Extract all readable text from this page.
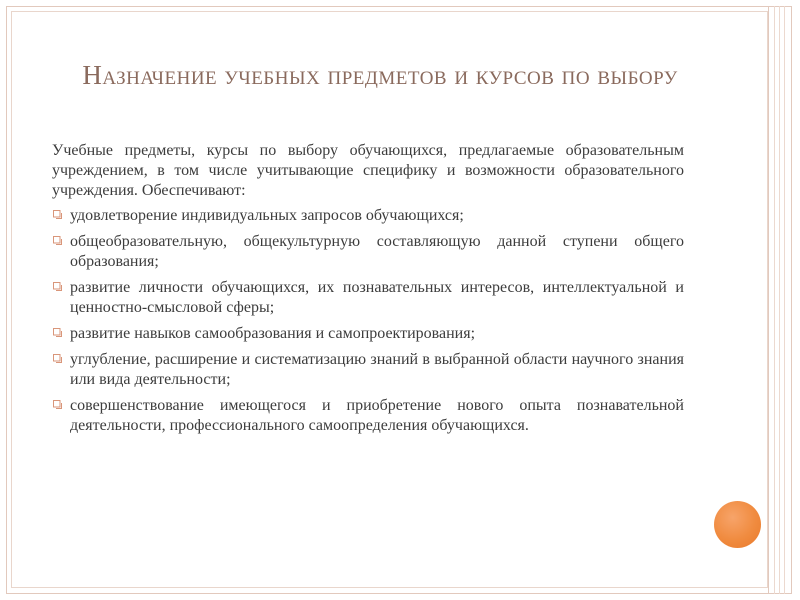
Назначение учебных предметов и курсов по выбору

Учебные предметы, курсы по выбору обучающихся, предлагаемые образовательным учреждением, в том числе учитывающие специфику и возможности образовательного учреждения. Обеспечивают:

удовлетворение индивидуальных запросов обучающихся;
общеобразовательную, общекультурную составляющую данной ступени общего образования;
развитие личности обучающихся, их познавательных интересов, интеллектуальной и ценностно-смысловой сферы;
развитие навыков самообразования и самопроектирования;
углубление, расширение и систематизацию знаний в выбранной области научного знания или вида деятельности;
совершенствование имеющегося и приобретение нового опыта познавательной деятельности, профессионального самоопределения обучающихся.
